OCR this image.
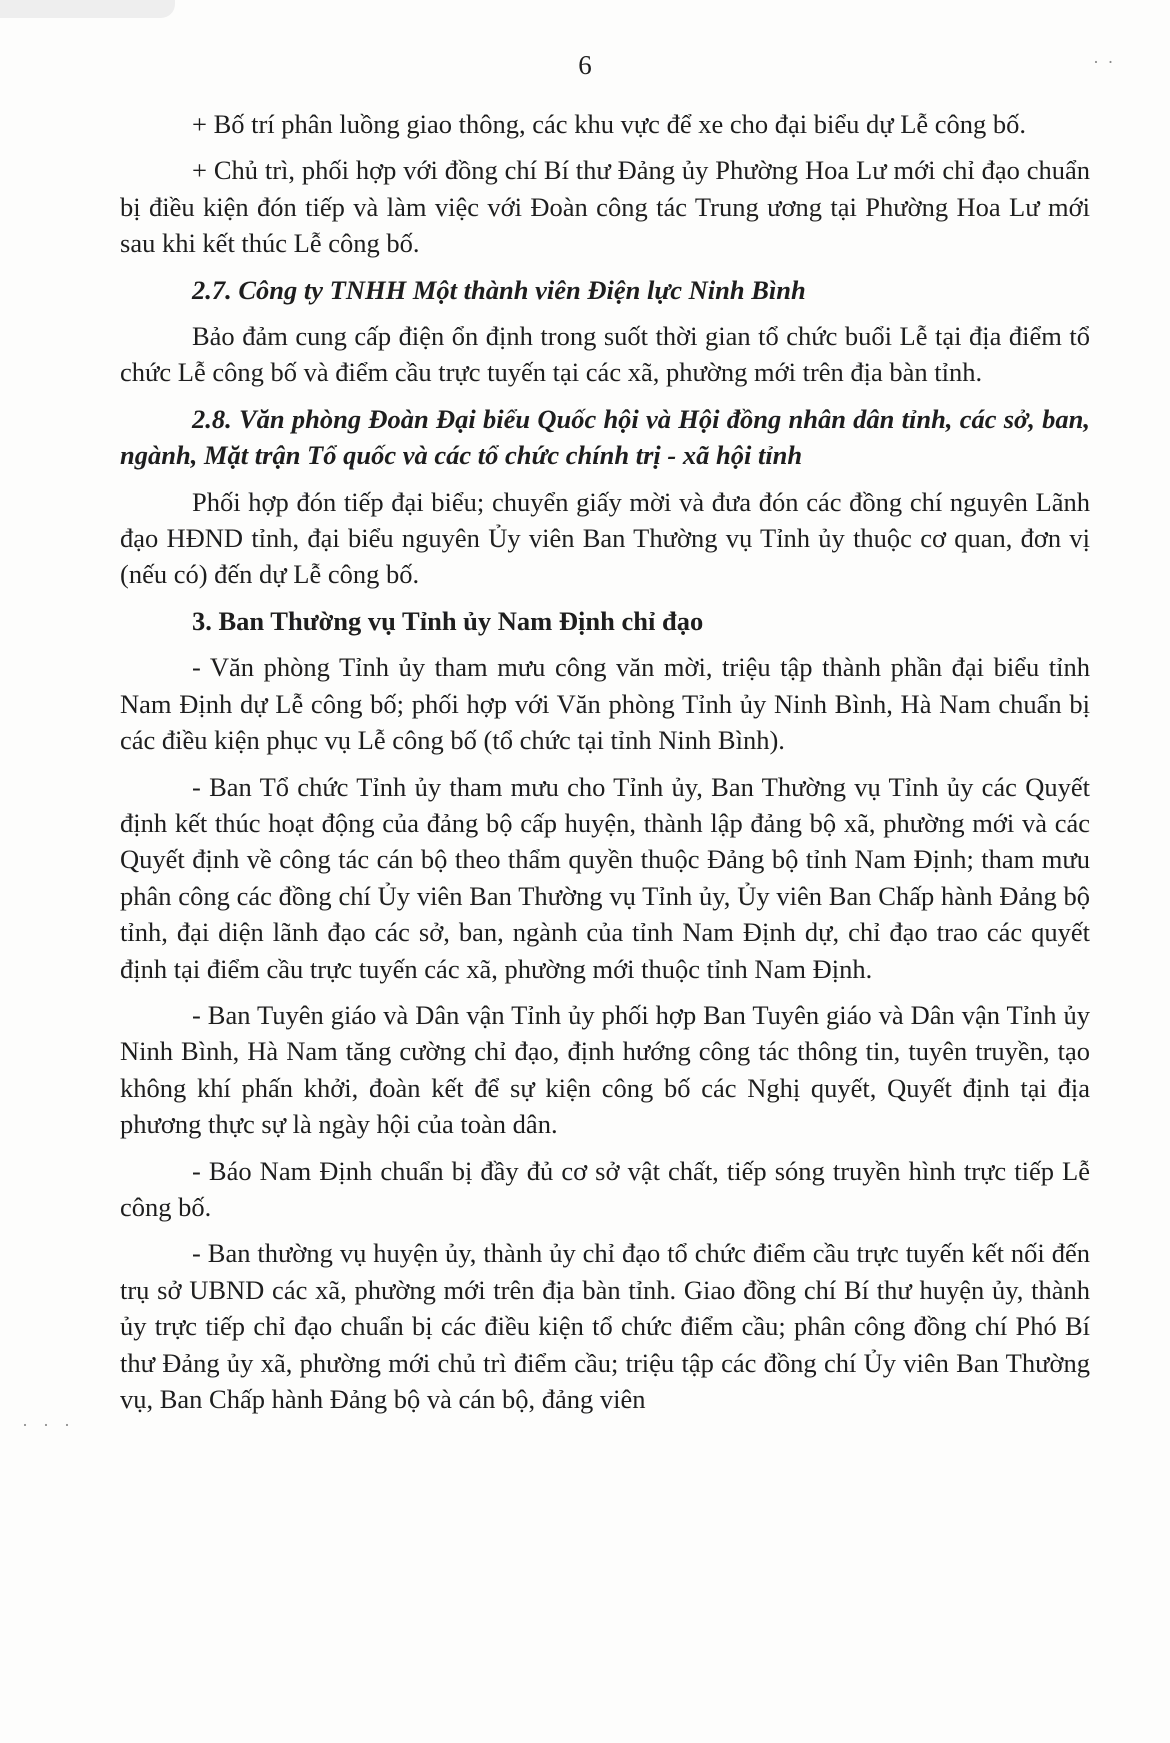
· ·
·  ·  ·
6

+ Bố trí phân luồng giao thông, các khu vực để xe cho đại biểu dự Lễ công bố.

+ Chủ trì, phối hợp với đồng chí Bí thư Đảng ủy Phường Hoa Lư mới chỉ đạo chuẩn bị điều kiện đón tiếp và làm việc với Đoàn công tác Trung ương tại Phường Hoa Lư mới sau khi kết thúc Lễ công bố.

2.7. Công ty TNHH Một thành viên Điện lực Ninh Bình

Bảo đảm cung cấp điện ổn định trong suốt thời gian tổ chức buổi Lễ tại địa điểm tổ chức Lễ công bố và điểm cầu trực tuyến tại các xã, phường mới trên địa bàn tỉnh.

2.8. Văn phòng Đoàn Đại biểu Quốc hội và Hội đồng nhân dân tỉnh, các sở, ban, ngành, Mặt trận Tổ quốc và các tổ chức chính trị - xã hội tỉnh

Phối hợp đón tiếp đại biểu; chuyển giấy mời và đưa đón các đồng chí nguyên Lãnh đạo HĐND tỉnh, đại biểu nguyên Ủy viên Ban Thường vụ Tỉnh ủy thuộc cơ quan, đơn vị (nếu có) đến dự Lễ công bố.

3. Ban Thường vụ Tỉnh ủy Nam Định chỉ đạo

- Văn phòng Tỉnh ủy tham mưu công văn mời, triệu tập thành phần đại biểu tỉnh Nam Định dự Lễ công bố; phối hợp với Văn phòng Tỉnh ủy Ninh Bình, Hà Nam chuẩn bị các điều kiện phục vụ Lễ công bố (tổ chức tại tỉnh Ninh Bình).

- Ban Tổ chức Tỉnh ủy tham mưu cho Tỉnh ủy, Ban Thường vụ Tỉnh ủy các Quyết định kết thúc hoạt động của đảng bộ cấp huyện, thành lập đảng bộ xã, phường mới và các Quyết định về công tác cán bộ theo thẩm quyền thuộc Đảng bộ tỉnh Nam Định; tham mưu phân công các đồng chí Ủy viên Ban Thường vụ Tỉnh ủy, Ủy viên Ban Chấp hành Đảng bộ tỉnh, đại diện lãnh đạo các sở, ban, ngành của tỉnh Nam Định dự, chỉ đạo trao các quyết định tại điểm cầu trực tuyến các xã, phường mới thuộc tỉnh Nam Định.

- Ban Tuyên giáo và Dân vận Tỉnh ủy phối hợp Ban Tuyên giáo và Dân vận Tỉnh ủy Ninh Bình, Hà Nam tăng cường chỉ đạo, định hướng công tác thông tin, tuyên truyền, tạo không khí phấn khởi, đoàn kết để sự kiện công bố các Nghị quyết, Quyết định tại địa phương thực sự là ngày hội của toàn dân.

- Báo Nam Định chuẩn bị đầy đủ cơ sở vật chất, tiếp sóng truyền hình trực tiếp Lễ công bố.

- Ban thường vụ huyện ủy, thành ủy chỉ đạo tổ chức điểm cầu trực tuyến kết nối đến trụ sở UBND các xã, phường mới trên địa bàn tỉnh. Giao đồng chí Bí thư huyện ủy, thành ủy trực tiếp chỉ đạo chuẩn bị các điều kiện tổ chức điểm cầu; phân công đồng chí Phó Bí thư Đảng ủy xã, phường mới chủ trì điểm cầu; triệu tập các đồng chí Ủy viên Ban Thường vụ, Ban Chấp hành Đảng bộ và cán bộ, đảng viên
